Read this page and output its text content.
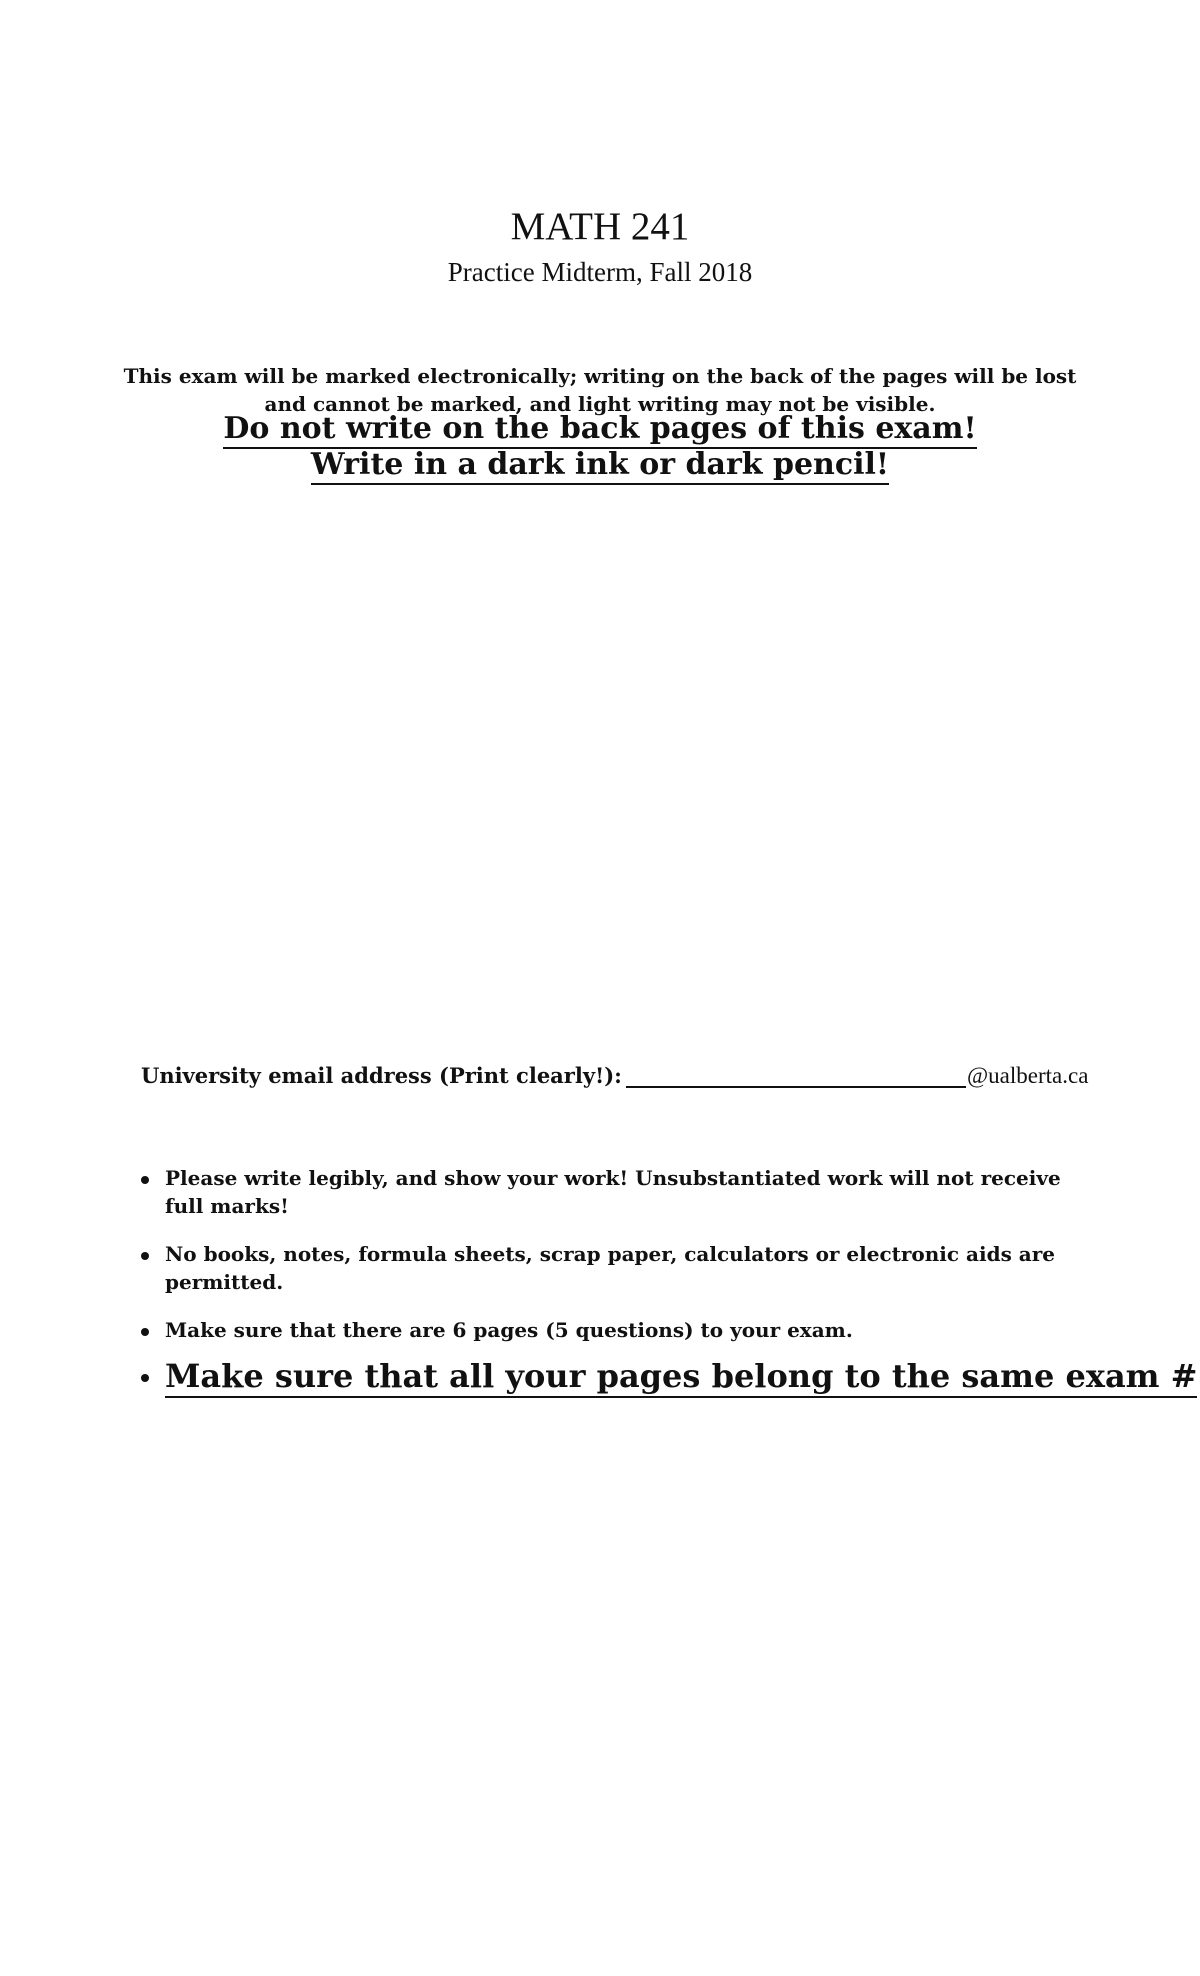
MATH 241
Practice Midterm, Fall 2018
This exam will be marked electronically; writing on the back of the pages will be lost
and cannot be marked, and light writing may not be visible.
Do not write on the back pages of this exam!
Write in a dark ink or dark pencil!
University email address (Print clearly!):	@ualberta.ca
Please write legibly, and show your work! Unsubstantiated work will not receive full marks!
No books, notes, formula sheets, scrap paper, calculators or electronic aids are permitted.
Make sure that there are 6 pages (5 questions) to your exam.
Make sure that all your pages belong to the same exam #
